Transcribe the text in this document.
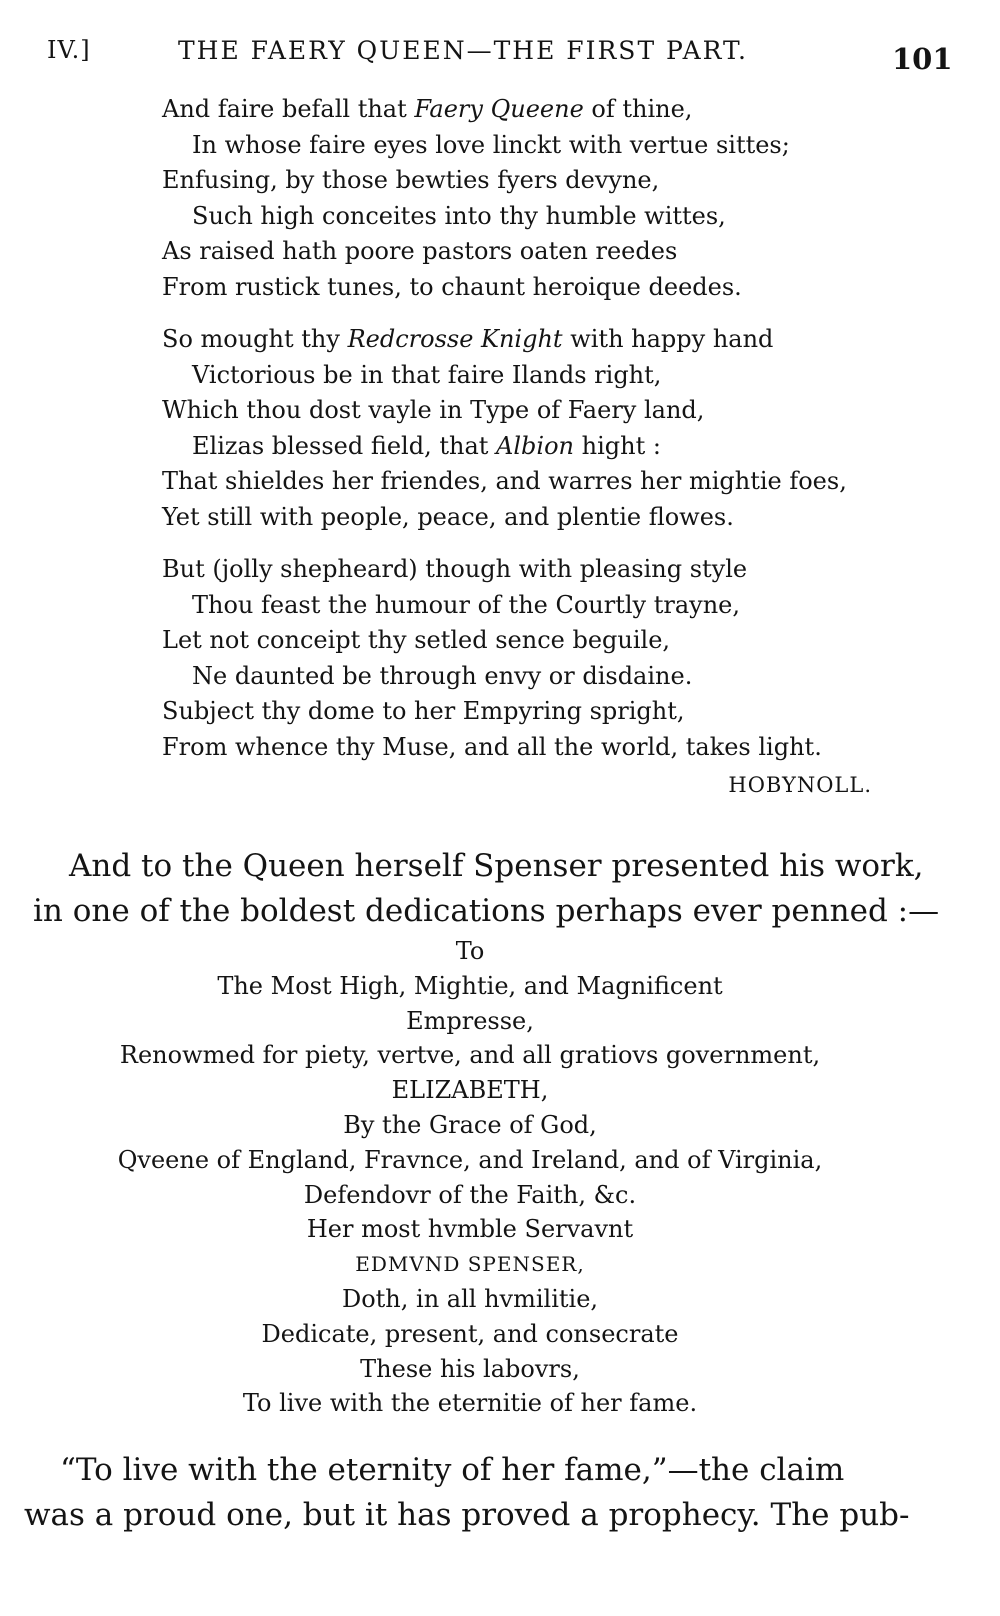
IV.]	THE FAERY QUEEN—THE FIRST PART.	101
And faire befall that Faery Queene of thine,
In whose faire eyes love linckt with vertue sittes;
Enfusing, by those bewties fyers devyne,
Such high conceites into thy humble wittes,
As raised hath poore pastors oaten reedes
From rustick tunes, to chaunt heroique deedes.
So mought thy Redcrosse Knight with happy hand
Victorious be in that faire Ilands right,
Which thou dost vayle in Type of Faery land,
Elizas blessed field, that Albion hight :
That shieldes her friendes, and warres her mightie foes,
Yet still with people, peace, and plentie flowes.
But (jolly shepheard) though with pleasing style
Thou feast the humour of the Courtly trayne,
Let not conceipt thy setled sence beguile,
Ne daunted be through envy or disdaine.
Subject thy dome to her Empyring spright,
From whence thy Muse, and all the world, takes light.
HOBYNOLL.
And to the Queen herself Spenser presented his work,
in one of the boldest dedications perhaps ever penned :—
To
The Most High, Mightie, and Magnificent
Empresse,
Renowmed for piety, vertve, and all gratiovs government,
ELIZABETH,
By the Grace of God,
Qveene of England, Fravnce, and Ireland, and of Virginia,
Defendovr of the Faith, &c.
Her most hvmble Servavnt
EDMVND SPENSER,
Doth, in all hvmilitie,
Dedicate, present, and consecrate
These his labovrs,
To live with the eternitie of her fame.
“To live with the eternity of her fame,”—the claim
was a proud one, but it has proved a prophecy. The pub-
